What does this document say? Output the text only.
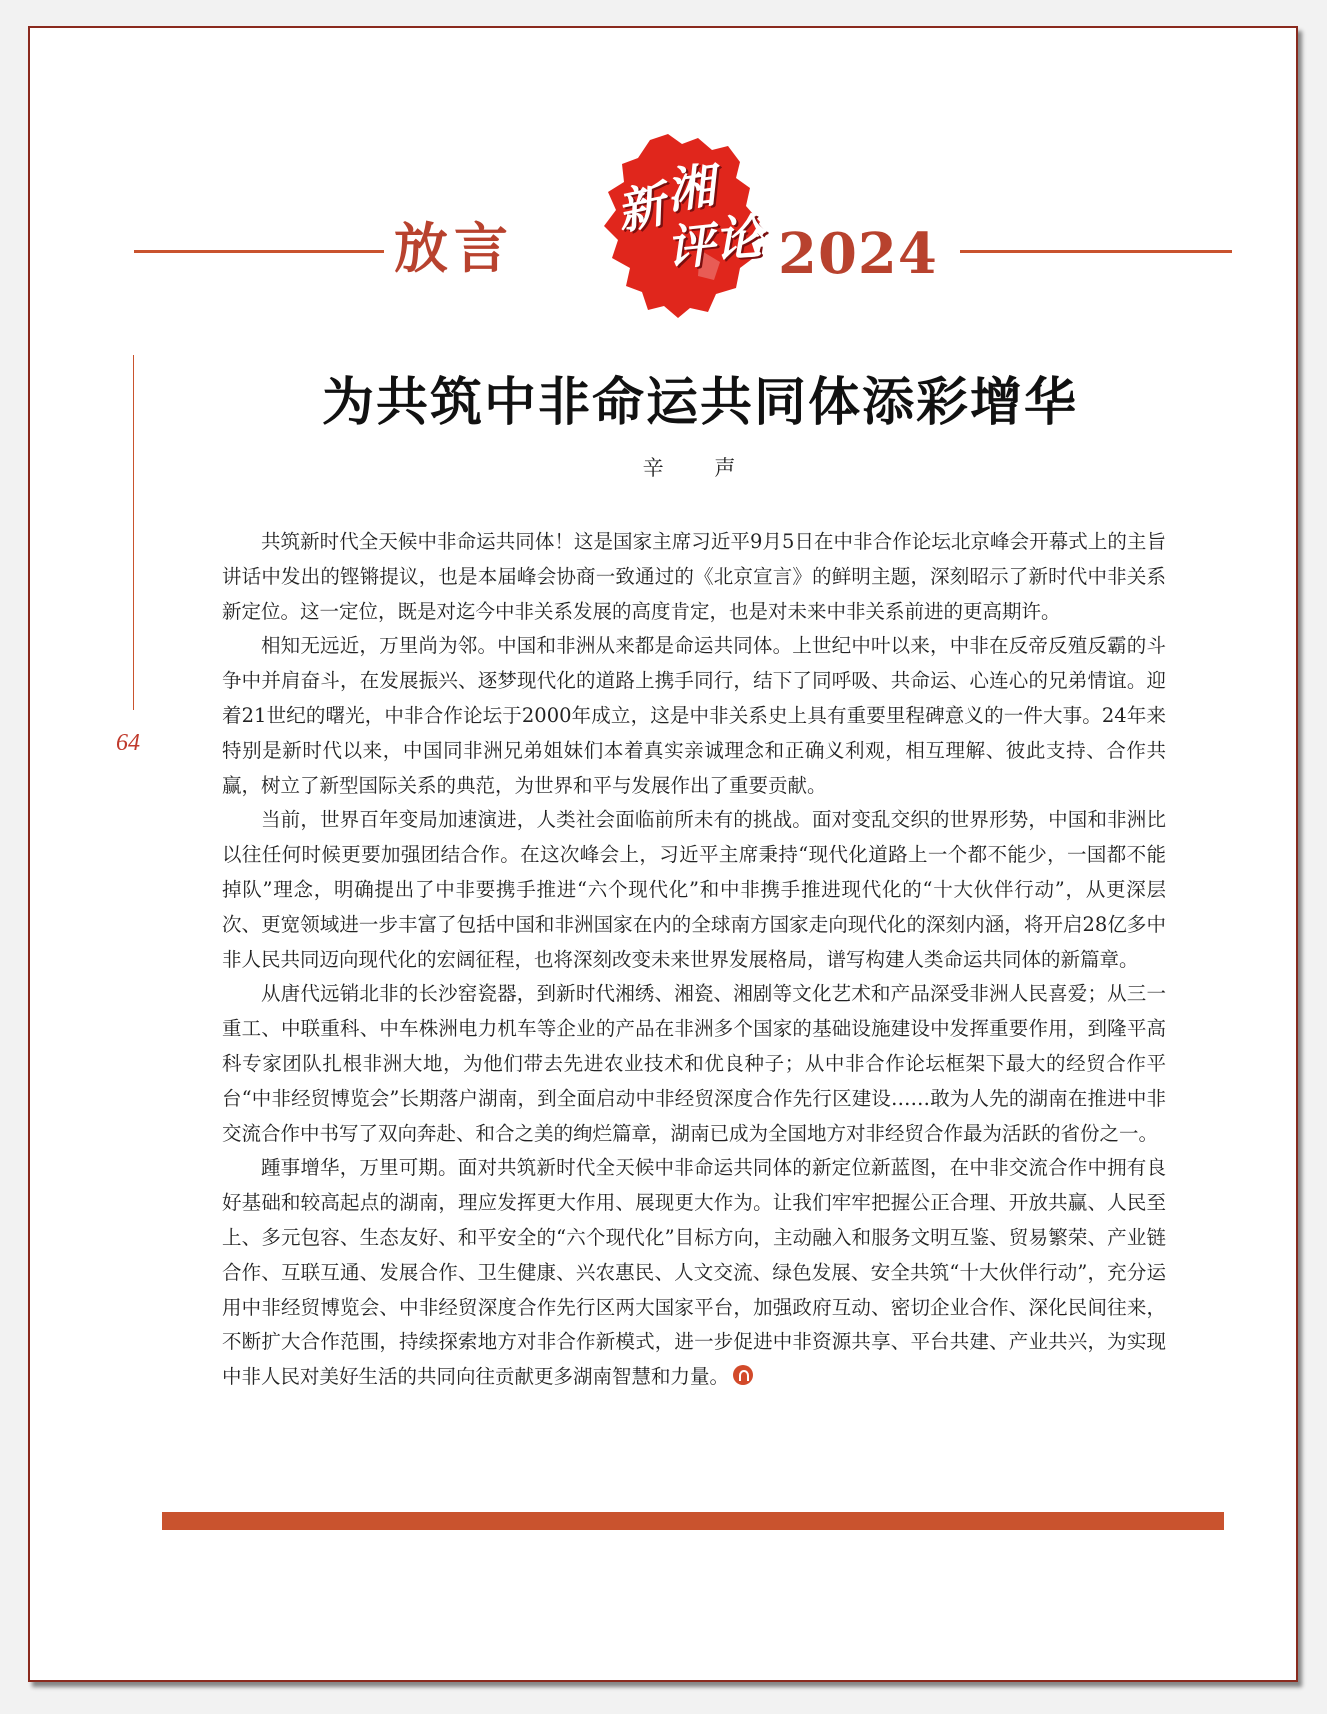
放言
新
湘
评
论 2024
64
为共筑中非命运共同体添彩增华
辛 声

共筑新时代全天候中非命运共同体！这是国家主席习近平9月5日在中非合作论坛北京峰会开幕式上的主旨讲话中发出的铿锵提议，也是本届峰会协商一致通过的《北京宣言》的鲜明主题，深刻昭示了新时代中非关系新定位。这一定位，既是对迄今中非关系发展的高度肯定，也是对未来中非关系前进的更高期许。

相知无远近，万里尚为邻。中国和非洲从来都是命运共同体。上世纪中叶以来，中非在反帝反殖反霸的斗争中并肩奋斗，在发展振兴、逐梦现代化的道路上携手同行，结下了同呼吸、共命运、心连心的兄弟情谊。迎着21世纪的曙光，中非合作论坛于2000年成立，这是中非关系史上具有重要里程碑意义的一件大事。24年来特别是新时代以来，中国同非洲兄弟姐妹们本着真实亲诚理念和正确义利观，相互理解、彼此支持、合作共赢，树立了新型国际关系的典范，为世界和平与发展作出了重要贡献。

当前，世界百年变局加速演进，人类社会面临前所未有的挑战。面对变乱交织的世界形势，中国和非洲比以往任何时候更要加强团结合作。在这次峰会上，习近平主席秉持“现代化道路上一个都不能少，一国都不能掉队”理念，明确提出了中非要携手推进“六个现代化”和中非携手推进现代化的“十大伙伴行动”，从更深层次、更宽领域进一步丰富了包括中国和非洲国家在内的全球南方国家走向现代化的深刻内涵，将开启28亿多中非人民共同迈向现代化的宏阔征程，也将深刻改变未来世界发展格局，谱写构建人类命运共同体的新篇章。

从唐代远销北非的长沙窑瓷器，到新时代湘绣、湘瓷、湘剧等文化艺术和产品深受非洲人民喜爱；从三一重工、中联重科、中车株洲电力机车等企业的产品在非洲多个国家的基础设施建设中发挥重要作用，到隆平高科专家团队扎根非洲大地，为他们带去先进农业技术和优良种子；从中非合作论坛框架下最大的经贸合作平台“中非经贸博览会”长期落户湖南，到全面启动中非经贸深度合作先行区建设……敢为人先的湖南在推进中非交流合作中书写了双向奔赴、和合之美的绚烂篇章，湖南已成为全国地方对非经贸合作最为活跃的省份之一。

踵事增华，万里可期。面对共筑新时代全天候中非命运共同体的新定位新蓝图，在中非交流合作中拥有良好基础和较高起点的湖南，理应发挥更大作用、展现更大作为。让我们牢牢把握公正合理、开放共赢、人民至上、多元包容、生态友好、和平安全的“六个现代化”目标方向，主动融入和服务文明互鉴、贸易繁荣、产业链合作、互联互通、发展合作、卫生健康、兴农惠民、人文交流、绿色发展、安全共筑“十大伙伴行动”，充分运用中非经贸博览会、中非经贸深度合作先行区两大国家平台，加强政府互动、密切企业合作、深化民间往来，不断扩大合作范围，持续探索地方对非合作新模式，进一步促进中非资源共享、平台共建、产业共兴，为实现中非人民对美好生活的共同向往贡献更多湖南智慧和力量。
